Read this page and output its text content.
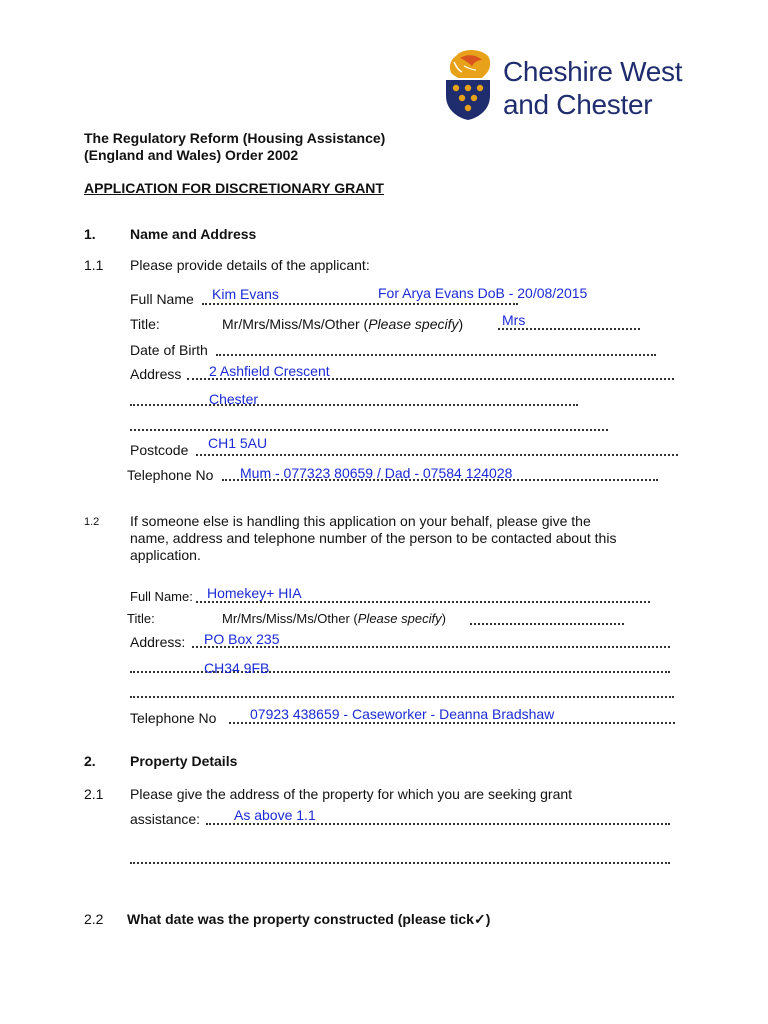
Cheshire West
and Chester
The Regulatory Reform (Housing Assistance)
(England and Wales) Order 2002
APPLICATION FOR DISCRETIONARY GRANT
1. Name and Address
1.1 Please provide details of the applicant:
Full Name Kim Evans	For Arya Evans DoB - 20/08/2015
Title:	Mr/Mrs/Miss/Ms/Other (Please specify)	Mrs
Date of Birth
Address 2 Ashfield Crescent
Chester
Postcode CH1 5AU
Telephone No Mum - 077323 80659 / Dad - 07584 124028
1.2 If someone else is handling this application on your behalf, please give the
name, address and telephone number of the person to be contacted about this
application.
Full Name: Homekey+ HIA
Title:	Mr/Mrs/Miss/Ms/Other (Please specify)
Address: PO Box 235
CH34 9FB
Telephone No 07923 438659 - Caseworker - Deanna Bradshaw
2. Property Details
2.1 Please give the address of the property for which you are seeking grant
assistance: As above 1.1
2.2 What date was the property constructed (please tick✓)
